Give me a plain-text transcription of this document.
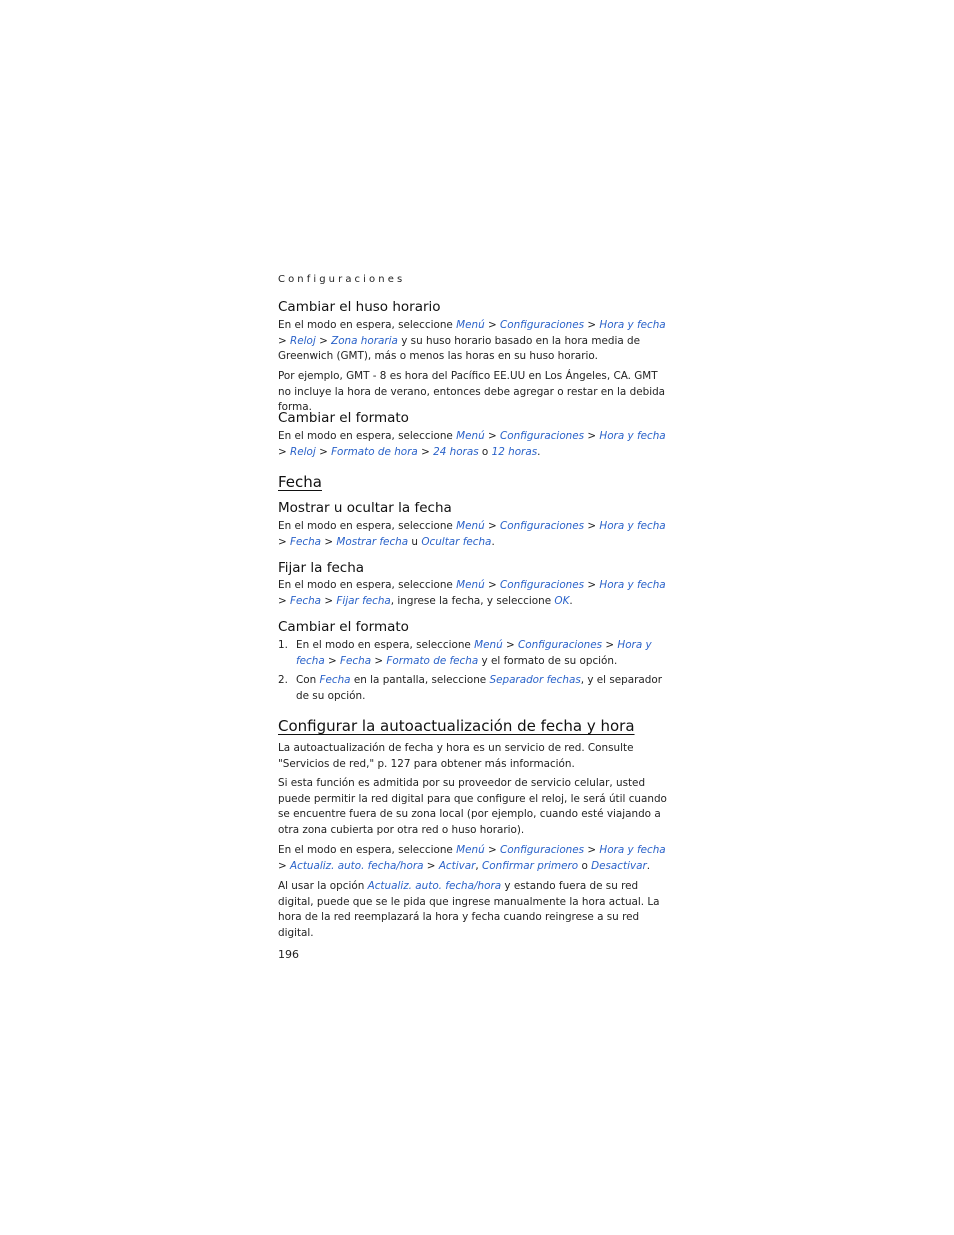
Configuraciones
Cambiar el huso horario

En el modo en espera, seleccione Menú > Configuraciones > Hora y fecha > Reloj > Zona horaria y su huso horario basado en la hora media de Greenwich (GMT), más o menos las horas en su huso horario.

Por ejemplo, GMT - 8 es hora del Pacífico EE.UU en Los Ángeles, CA. GMT no incluye la hora de verano, entonces debe agregar o restar en la debida forma.

Cambiar el formato

En el modo en espera, seleccione Menú > Configuraciones > Hora y fecha > Reloj > Formato de hora > 24 horas o 12 horas.

Fecha
Mostrar u ocultar la fecha

En el modo en espera, seleccione Menú > Configuraciones > Hora y fecha > Fecha > Mostrar fecha u Ocultar fecha.

Fijar la fecha

En el modo en espera, seleccione Menú > Configuraciones > Hora y fecha > Fecha > Fijar fecha, ingrese la fecha, y seleccione OK.

Cambiar el formato
1. En el modo en espera, seleccione Menú > Configuraciones > Hora y fecha > Fecha > Formato de fecha y el formato de su opción.
2. Con Fecha en la pantalla, seleccione Separador fechas, y el separador de su opción.
Configurar la autoactualización de fecha y hora

La autoactualización de fecha y hora es un servicio de red. Consulte "Servicios de red," p. 127 para obtener más información.

Si esta función es admitida por su proveedor de servicio celular, usted puede permitir la red digital para que configure el reloj, le será útil cuando se encuentre fuera de su zona local (por ejemplo, cuando esté viajando a otra zona cubierta por otra red o huso horario).

En el modo en espera, seleccione Menú > Configuraciones > Hora y fecha > Actualiz. auto. fecha/hora > Activar, Confirmar primero o Desactivar.

Al usar la opción Actualiz. auto. fecha/hora y estando fuera de su red digital, puede que se le pida que ingrese manualmente la hora actual. La hora de la red reemplazará la hora y fecha cuando reingrese a su red digital.

196
